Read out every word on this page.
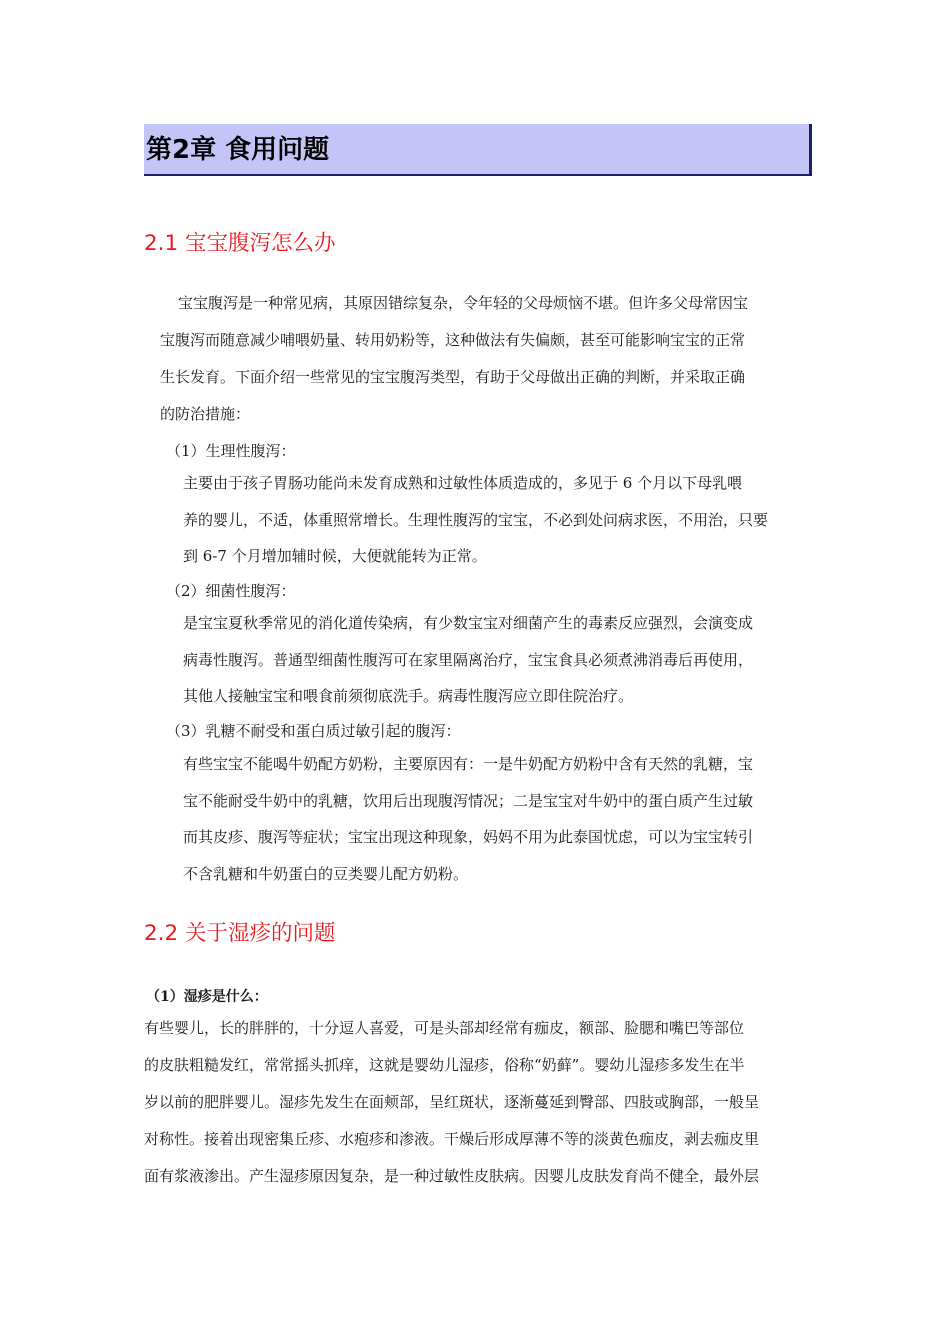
第2章 食用问题
2.1 宝宝腹泻怎么办

宝宝腹泻是一种常见病，其原因错综复杂，令年轻的父母烦恼不堪。但许多父母常因宝

宝腹泻而随意减少哺喂奶量、转用奶粉等，这种做法有失偏颇，甚至可能影响宝宝的正常

生长发育。下面介绍一些常见的宝宝腹泻类型，有助于父母做出正确的判断，并采取正确

的防治措施：

（1）生理性腹泻：

主要由于孩子胃肠功能尚未发育成熟和过敏性体质造成的，多见于 6 个月以下母乳喂

养的婴儿，不适，体重照常增长。生理性腹泻的宝宝，不必到处问病求医，不用治，只要

到 6-7 个月增加辅时候，大便就能转为正常。

（2）细菌性腹泻：

是宝宝夏秋季常见的消化道传染病，有少数宝宝对细菌产生的毒素反应强烈，会演变成

病毒性腹泻。普通型细菌性腹泻可在家里隔离治疗，宝宝食具必须煮沸消毒后再使用，

其他人接触宝宝和喂食前须彻底洗手。病毒性腹泻应立即住院治疗。

（3）乳糖不耐受和蛋白质过敏引起的腹泻：

有些宝宝不能喝牛奶配方奶粉，主要原因有：一是牛奶配方奶粉中含有天然的乳糖，宝

宝不能耐受牛奶中的乳糖，饮用后出现腹泻情况；二是宝宝对牛奶中的蛋白质产生过敏

而其皮疹、腹泻等症状；宝宝出现这种现象，妈妈不用为此泰国忧虑，可以为宝宝转引

不含乳糖和牛奶蛋白的豆类婴儿配方奶粉。

2.2 关于湿疹的问题

（1）湿疹是什么：

有些婴儿，长的胖胖的，十分逗人喜爱，可是头部却经常有痂皮，额部、脸腮和嘴巴等部位

的皮肤粗糙发红，常常摇头抓痒，这就是婴幼儿湿疹，俗称“奶藓”。婴幼儿湿疹多发生在半

岁以前的肥胖婴儿。湿疹先发生在面颊部，呈红斑状，逐渐蔓延到臀部、四肢或胸部，一般呈

对称性。接着出现密集丘疹、水疱疹和渗液。干燥后形成厚薄不等的淡黄色痂皮，剥去痂皮里

面有浆液渗出。产生湿疹原因复杂，是一种过敏性皮肤病。因婴儿皮肤发育尚不健全，最外层
